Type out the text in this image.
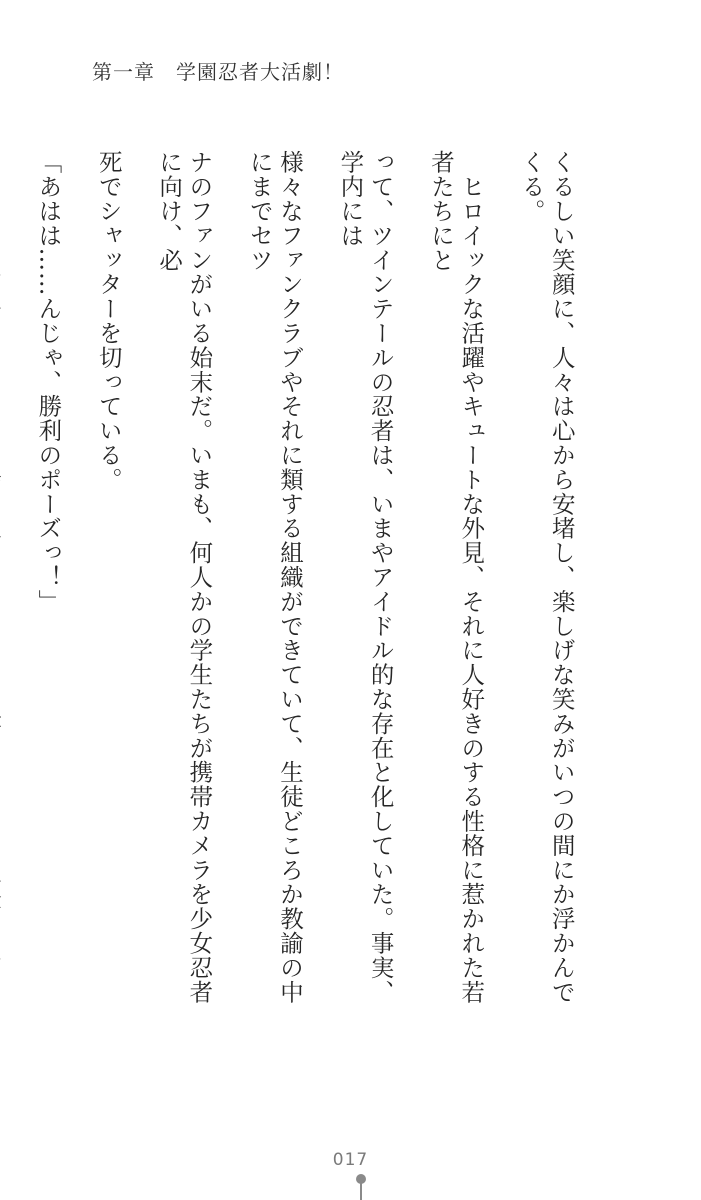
第一章　学園忍者大活劇！

くるしい笑顔に、人々は心から安堵し、楽しげな笑みがいつの間にか浮かんでくる。

　ヒロイックな活躍やキュートな外見、それに人好きのする性格に惹かれた若者たちにと

って、ツインテールの忍者は、いまやアイドル的な存在と化していた。事実、学内には

様々なファンクラブやそれに類する組織ができていて、生徒どころか教諭の中にまでセツ

ナのファンがいる始末だ。いまも、何人かの学生たちが携帯カメラを少女忍者に向け、必

死でシャッターを切っている。

「あはは……んじゃ、勝利のポーズっ！」

017
